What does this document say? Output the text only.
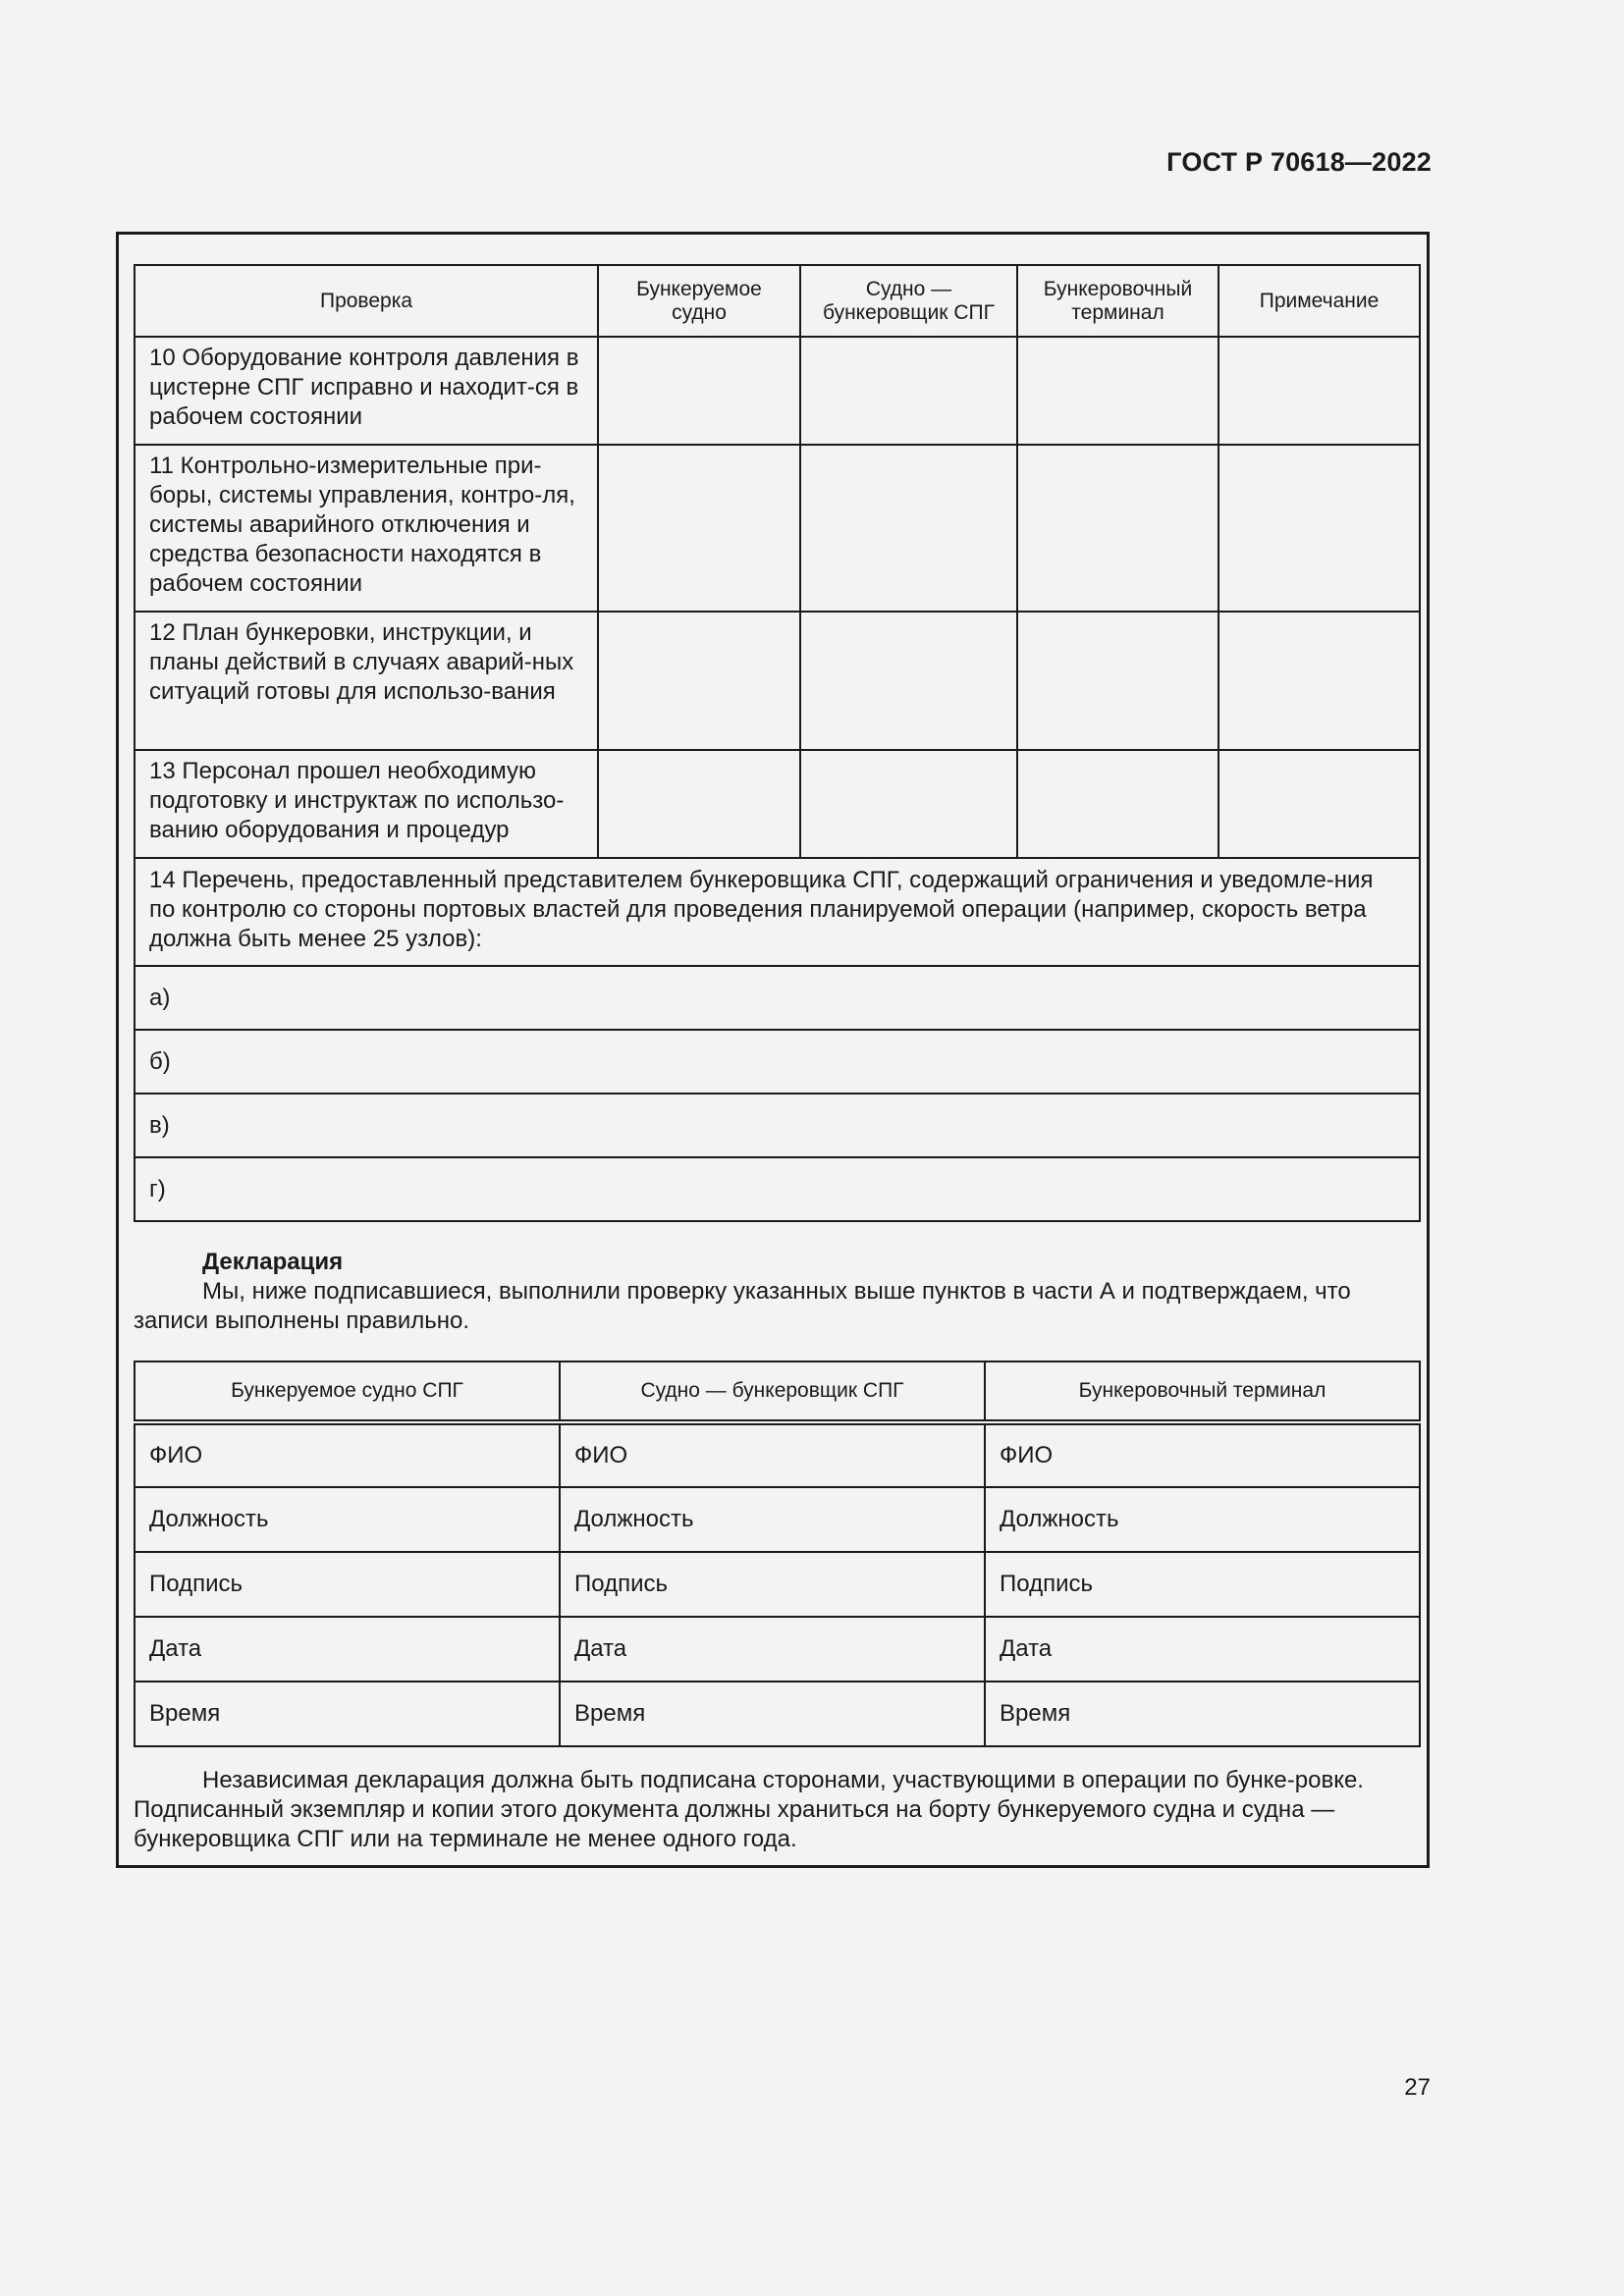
ГОСТ Р 70618—2022
Проверка	Бункеруемое судно	Судно — бункеровщик СПГ	Бункеровочный терминал	Примечание
10 Оборудование контроля давления в цистерне СПГ исправно и находит-ся в рабочем состоянии				
11 Контрольно-измерительные при-боры, системы управления, контро-ля, системы аварийного отключения и средства безопасности находятся в рабочем состоянии				
12 План бункеровки, инструкции, и планы действий в случаях аварий-ных ситуаций готовы для использо-вания				
13 Персонал прошел необходимую подготовку и инструктаж по использо-ванию оборудования и процедур				
14 Перечень, предоставленный представителем бункеровщика СПГ, содержащий ограничения и уведомле-ния по контролю со стороны портовых властей для проведения планируемой операции (например, скорость ветра должна быть менее 25 узлов):				
а)				
б)				
в)				
г)				
Декларация

Мы, ниже подписавшиеся, выполнили проверку указанных выше пунктов в части А и подтверждаем, что записи выполнены правильно.

Бункеруемое судно СПГ	Судно — бункеровщик СПГ	Бункеровочный терминал
ФИО	ФИО	ФИО
Должность	Должность	Должность
Подпись	Подпись	Подпись
Дата	Дата	Дата
Время	Время	Время

Независимая декларация должна быть подписана сторонами, участвующими в операции по бунке-ровке. Подписанный экземпляр и копии этого документа должны храниться на борту бункеруемого судна и судна — бункеровщика СПГ или на терминале не менее одного года.

27
